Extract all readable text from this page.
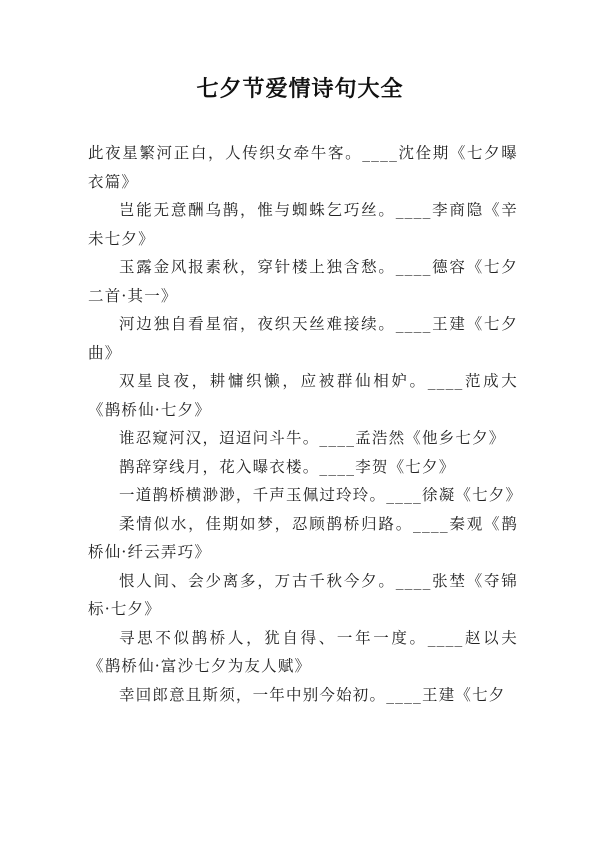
七夕节爱情诗句大全

此夜星繁河正白，人传织女牵牛客。____沈佺期《七夕曝衣篇》

岂能无意酬乌鹊，惟与蜘蛛乞巧丝。____李商隐《辛未七夕》

玉露金风报素秋，穿针楼上独含愁。____德容《七夕二首·其一》

河边独自看星宿，夜织天丝难接续。____王建《七夕曲》

双星良夜，耕慵织懒，应被群仙相妒。____范成大《鹊桥仙·七夕》

谁忍窥河汉，迢迢问斗牛。____孟浩然《他乡七夕》

鹊辞穿线月，花入曝衣楼。____李贺《七夕》

一道鹊桥横渺渺，千声玉佩过玲玲。____徐凝《七夕》

柔情似水，佳期如梦，忍顾鹊桥归路。____秦观《鹊桥仙·纤云弄巧》

恨人间、会少离多，万古千秋今夕。____张埜《夺锦标·七夕》

寻思不似鹊桥人，犹自得、一年一度。____赵以夫《鹊桥仙·富沙七夕为友人赋》

幸回郎意且斯须，一年中别今始初。____王建《七夕
